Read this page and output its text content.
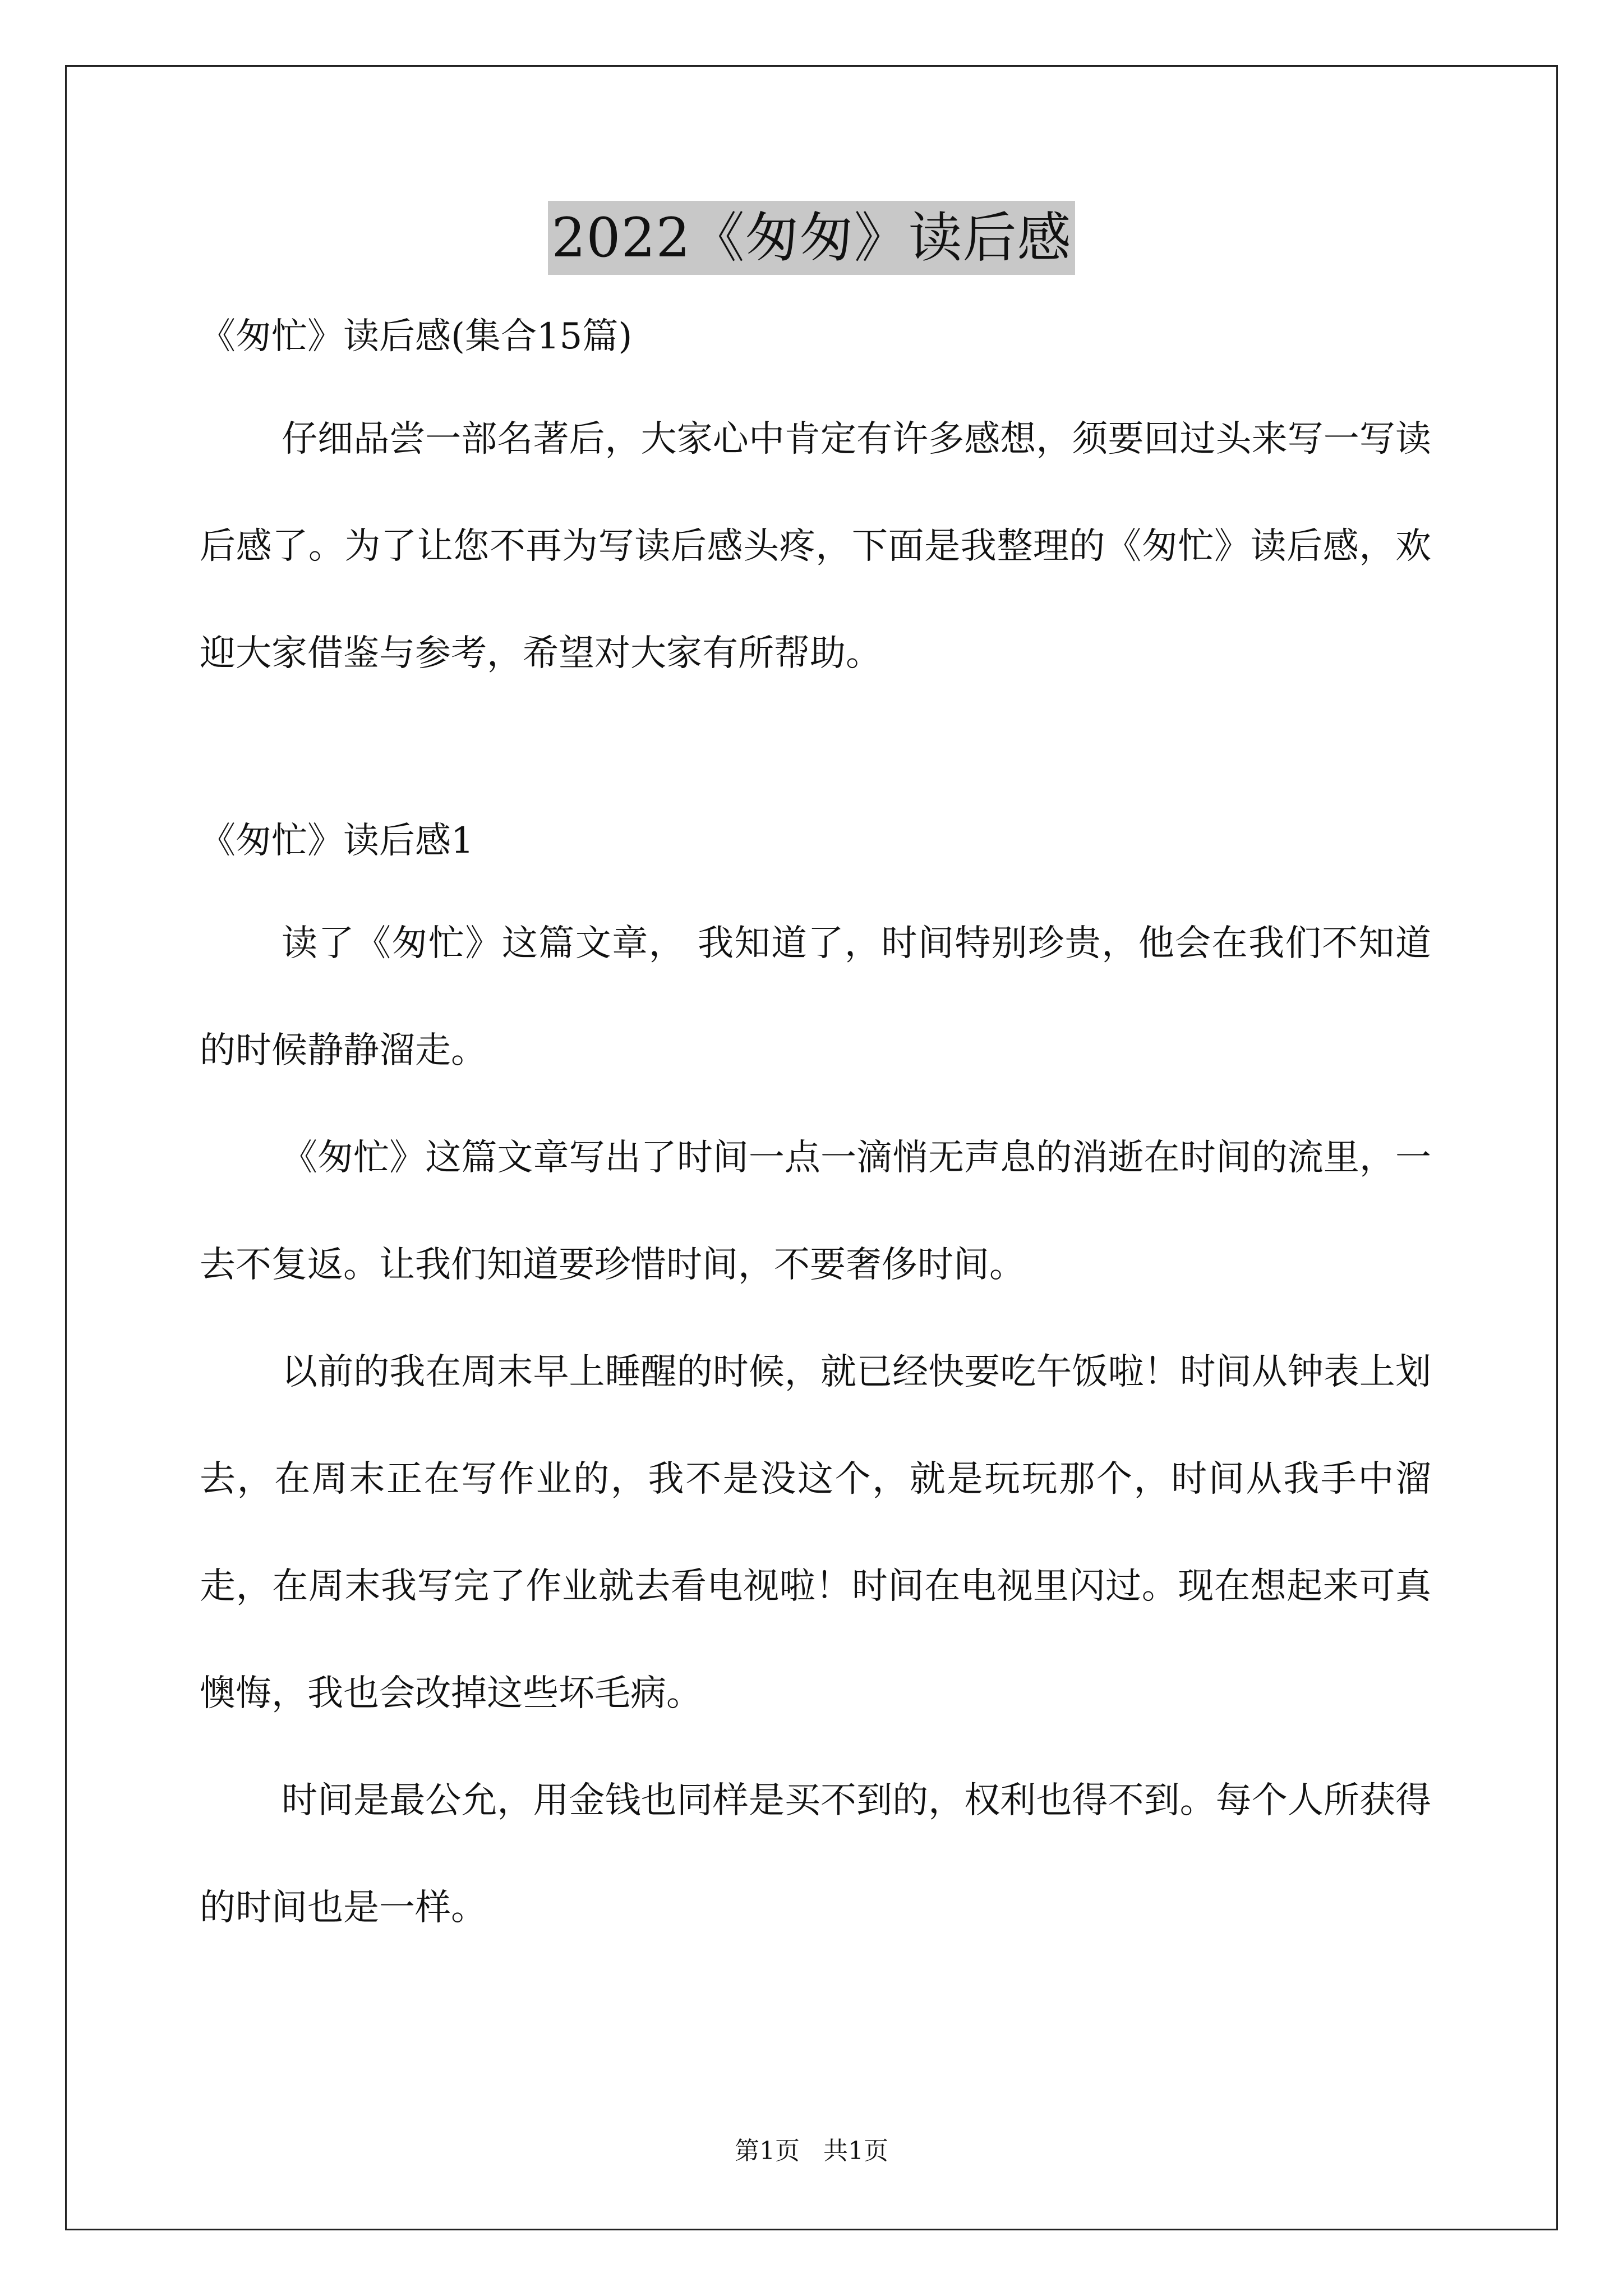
2022《匆匆》读后感

《匆忙》读后感(集合15篇)

仔细品尝一部名著后，大家心中肯定有许多感想，须要回过头来写一写读后感了。为了让您不再为写读后感头疼，下面是我整理的《匆忙》读后感，欢迎大家借鉴与参考，希望对大家有所帮助。

《匆忙》读后感1

读了《匆忙》这篇文章， 我知道了，时间特别珍贵，他会在我们不知道的时候静静溜走。

《匆忙》这篇文章写出了时间一点一滴悄无声息的消逝在时间的流里，一去不复返。让我们知道要珍惜时间，不要奢侈时间。

以前的我在周末早上睡醒的时候，就已经快要吃午饭啦！时间从钟表上划去，在周末正在写作业的，我不是没这个，就是玩玩那个，时间从我手中溜走，在周末我写完了作业就去看电视啦！时间在电视里闪过。现在想起来可真懊悔，我也会改掉这些坏毛病。

时间是最公允，用金钱也同样是买不到的，权利也得不到。每个人所获得的时间也是一样。

第1页   共1页
